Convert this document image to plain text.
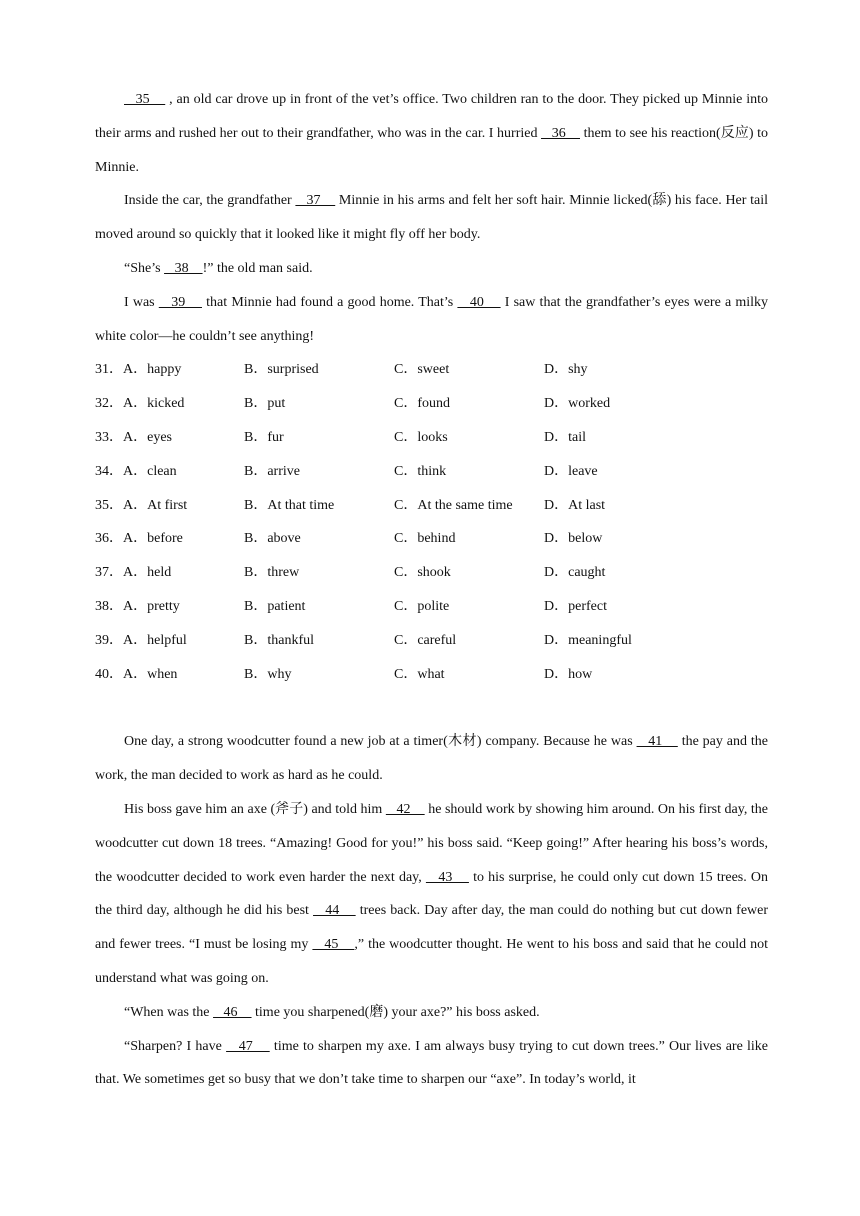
35     , an old car drove up in front of the vet’s office. Two children ran to the door. They picked up Minnie into their arms and rushed her out to their grandfather, who was in the car. I hurried    36     them to see his reaction(反应) to Minnie.

Inside the car, the grandfather    37     Minnie in his arms and felt her soft hair. Minnie licked(舔) his face. Her tail moved around so quickly that it looked like it might fly off her body.

“She’s    38    !” the old man said.

I was    39     that Minnie had found a good home. That’s    40     I saw that the grandfather’s eyes were a milky white color—he couldn’t see anything!

31．A．happy	B．surprised	C．sweet	D．shy
32．A．kicked	B．put	C．found	D．worked
33．A．eyes	B．fur	C．looks	D．tail
34．A．clean	B．arrive	C．think	D．leave
35．A．At first	B．At that time	C．At the same time D．At last
36．A．before	B．above	C．behind	D．below
37．A．held	B．threw	C．shook	D．caught
38．A．pretty	B．patient	C．polite	D．perfect
39．A．helpful	B．thankful	C．careful	D．meaningful
40．A．when	B．why	C．what	D．how

One day, a strong woodcutter found a new job at a timer(木材) company. Because he was    41     the pay and the work, the man decided to work as hard as he could.

His boss gave him an axe (斧子) and told him    42     he should work by showing him around. On his first day, the woodcutter cut down 18 trees. “Amazing! Good for you!” his boss said. “Keep going!” After hearing his boss’s words, the woodcutter decided to work even harder the next day,    43     to his surprise, he could only cut down 15 trees. On the third day, although he did his best    44     trees back. Day after day, the man could do nothing but cut down fewer and fewer trees. “I must be losing my    45    ,” the woodcutter thought. He went to his boss and said that he could not understand what was going on.

“When was the    46     time you sharpened(磨) your axe?” his boss asked.

“Sharpen? I have    47     time to sharpen my axe. I am always busy trying to cut down trees.” Our lives are like that. We sometimes get so busy that we don’t take time to sharpen our “axe”. In today’s world, it
